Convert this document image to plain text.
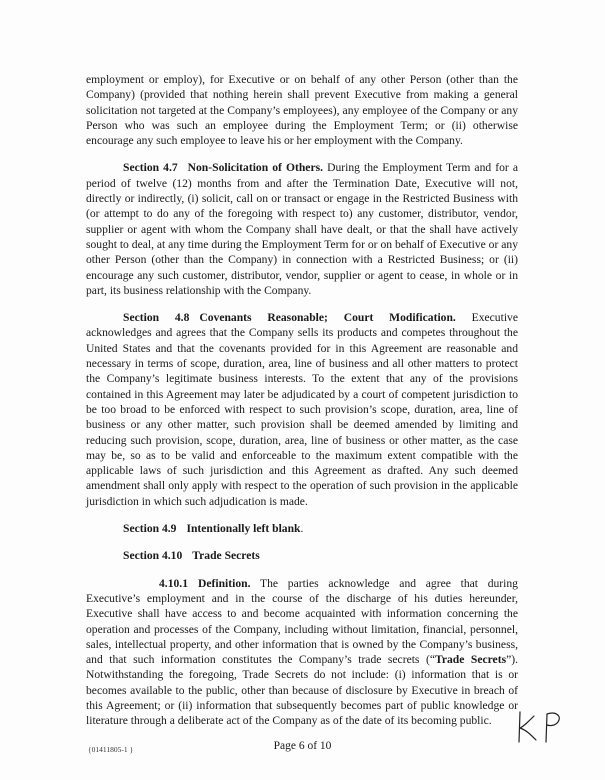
employment or employ), for Executive or on behalf of any other Person (other than the Company) (provided that nothing herein shall prevent Executive from making a general solicitation not targeted at the Company’s employees), any employee of the Company or any Person who was such an employee during the Employment Term; or (ii) otherwise encourage any such employee to leave his or her employment with the Company.

Section 4.7 Non-Solicitation of Others. During the Employment Term and for a period of twelve (12) months from and after the Termination Date, Executive will not, directly or indirectly, (i) solicit, call on or transact or engage in the Restricted Business with (or attempt to do any of the foregoing with respect to) any customer, distributor, vendor, supplier or agent with whom the Company shall have dealt, or that the shall have actively sought to deal, at any time during the Employment Term for or on behalf of Executive or any other Person (other than the Company) in connection with a Restricted Business; or (ii) encourage any such customer, distributor, vendor, supplier or agent to cease, in whole or in part, its business relationship with the Company.

Section 4.8 Covenants Reasonable; Court Modification. Executive acknowledges and agrees that the Company sells its products and competes throughout the United States and that the covenants provided for in this Agreement are reasonable and necessary in terms of scope, duration, area, line of business and all other matters to protect the Company’s legitimate business interests. To the extent that any of the provisions contained in this Agreement may later be adjudicated by a court of competent jurisdiction to be too broad to be enforced with respect to such provision’s scope, duration, area, line of business or any other matter, such provision shall be deemed amended by limiting and reducing such provision, scope, duration, area, line of business or other matter, as the case may be, so as to be valid and enforceable to the maximum extent compatible with the applicable laws of such jurisdiction and this Agreement as drafted. Any such deemed amendment shall only apply with respect to the operation of such provision in the applicable jurisdiction in which such adjudication is made.

Section 4.9 Intentionally left blank.

Section 4.10 Trade Secrets

4.10.1 Definition. The parties acknowledge and agree that during Executive’s employment and in the course of the discharge of his duties hereunder, Executive shall have access to and become acquainted with information concerning the operation and processes of the Company, including without limitation, financial, personnel, sales, intellectual property, and other information that is owned by the Company’s business, and that such information constitutes the Company’s trade secrets (“Trade Secrets”). Notwithstanding the foregoing, Trade Secrets do not include: (i) information that is or becomes available to the public, other than because of disclosure by Executive in breach of this Agreement; or (ii) information that subsequently becomes part of public knowledge or literature through a deliberate act of the Company as of the date of its becoming public.

{01411805-1 }	Page 6 of 10
